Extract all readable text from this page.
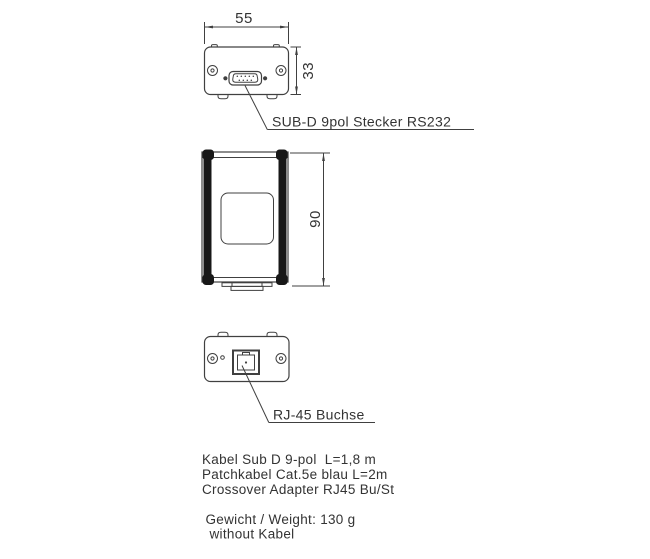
55
33
SUB-D 9pol Stecker RS232
90
RJ-45 Buchse
Kabel Sub D 9-pol  L=1,8 m
Patchkabel Cat.5e blau L=2m
Crossover Adapter RJ45 Bu/St
Gewicht / Weight: 130 g
without Kabel
